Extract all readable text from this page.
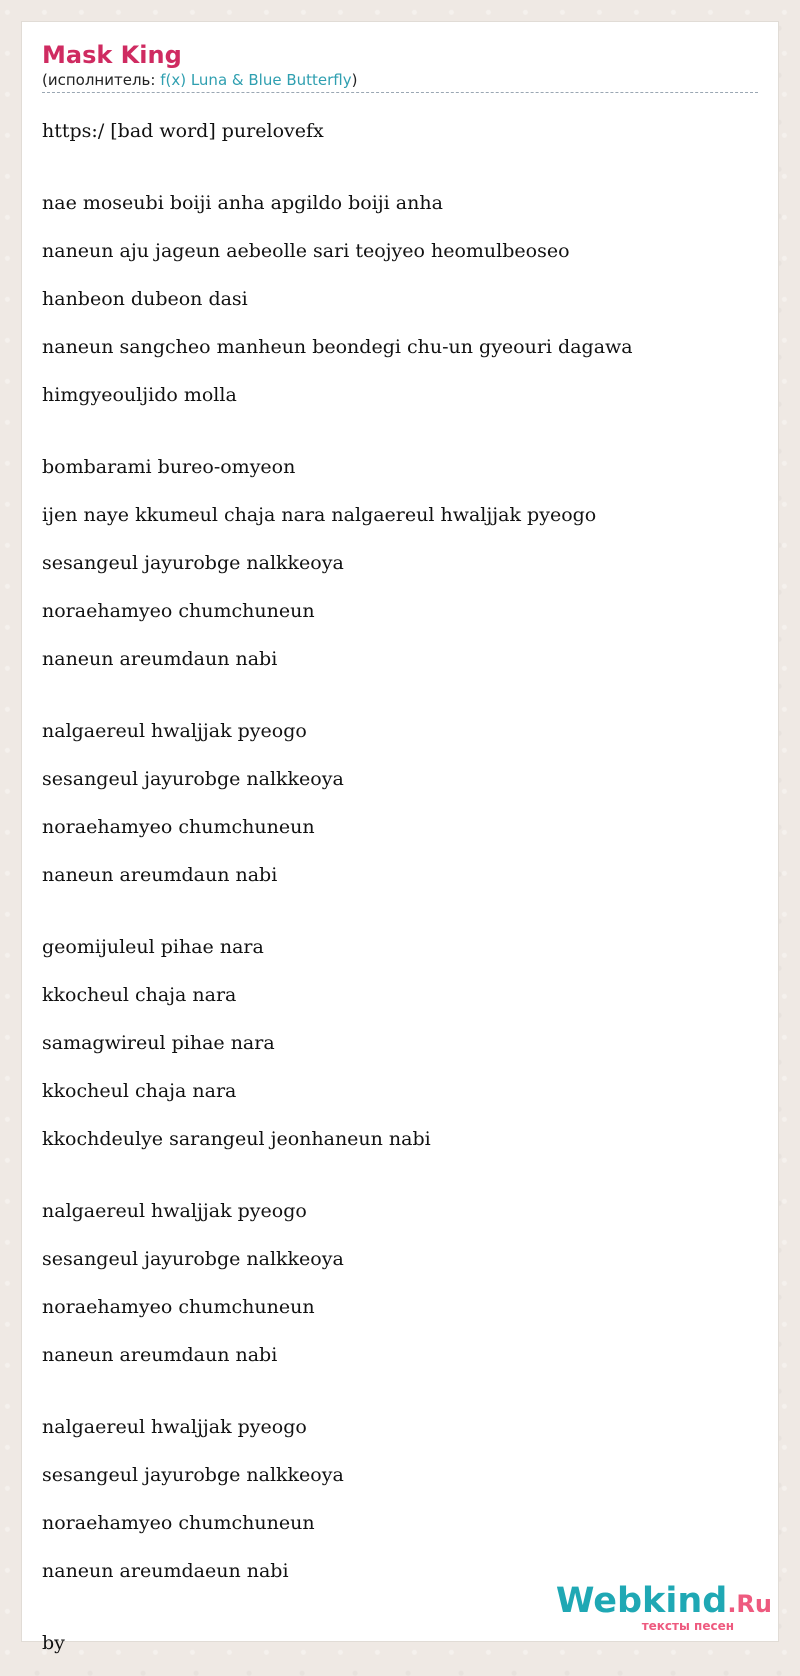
Mask King
(исполнитель: f(x) Luna & Blue Butterfly)
https:/ [bad word] purelovefx
nae moseubi boiji anha apgildo boiji anha
naneun aju jageun aebeolle sari teojyeo heomulbeoseo
hanbeon dubeon dasi
naneun sangcheo manheun beondegi chu-un gyeouri dagawa
himgyeouljido molla
bombarami bureo-omyeon
ijen naye kkumeul chaja nara nalgaereul hwaljjak pyeogo
sesangeul jayurobge nalkkeoya
noraehamyeo chumchuneun
naneun areumdaun nabi
nalgaereul hwaljjak pyeogo
sesangeul jayurobge nalkkeoya
noraehamyeo chumchuneun
naneun areumdaun nabi
geomijuleul pihae nara
kkocheul chaja nara
samagwireul pihae nara
kkocheul chaja nara
kkochdeulye sarangeul jeonhaneun nabi
nalgaereul hwaljjak pyeogo
sesangeul jayurobge nalkkeoya
noraehamyeo chumchuneun
naneun areumdaun nabi
nalgaereul hwaljjak pyeogo
sesangeul jayurobge nalkkeoya
noraehamyeo chumchuneun
naneun areumdaeun nabi
by
Webkind.Ru
тексты песен
